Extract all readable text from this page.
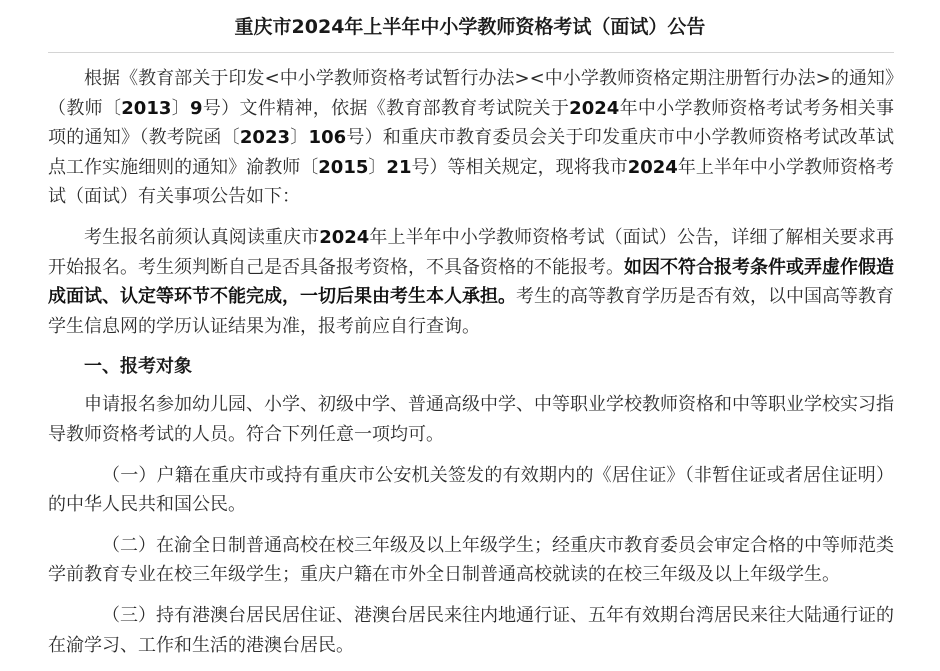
重庆市2024年上半年中小学教师资格考试（面试）公告

根据《教育部关于印发<中小学教师资格考试暂行办法><中小学教师资格定期注册暂行办法>的通知》（教师〔2013〕9号）文件精神，依据《教育部教育考试院关于2024年中小学教师资格考试考务相关事项的通知》（教考院函〔2023〕106号）和重庆市教育委员会关于印发重庆市中小学教师资格考试改革试点工作实施细则的通知》渝教师〔2015〕21号）等相关规定，现将我市2024年上半年中小学教师资格考试（面试）有关事项公告如下：

考生报名前须认真阅读重庆市2024年上半年中小学教师资格考试（面试）公告，详细了解相关要求再开始报名。考生须判断自己是否具备报考资格，不具备资格的不能报考。如因不符合报考条件或弄虚作假造成面试、认定等环节不能完成，一切后果由考生本人承担。考生的高等教育学历是否有效，以中国高等教育学生信息网的学历认证结果为准，报考前应自行查询。

一、报考对象

申请报名参加幼儿园、小学、初级中学、普通高级中学、中等职业学校教师资格和中等职业学校实习指导教师资格考试的人员。符合下列任意一项均可。

（一）户籍在重庆市或持有重庆市公安机关签发的有效期内的《居住证》（非暂住证或者居住证明）的中华人民共和国公民。

（二）在渝全日制普通高校在校三年级及以上年级学生；经重庆市教育委员会审定合格的中等师范类学前教育专业在校三年级学生；重庆户籍在市外全日制普通高校就读的在校三年级及以上年级学生。

（三）持有港澳台居民居住证、港澳台居民来往内地通行证、五年有效期台湾居民来往大陆通行证的在渝学习、工作和生活的港澳台居民。
